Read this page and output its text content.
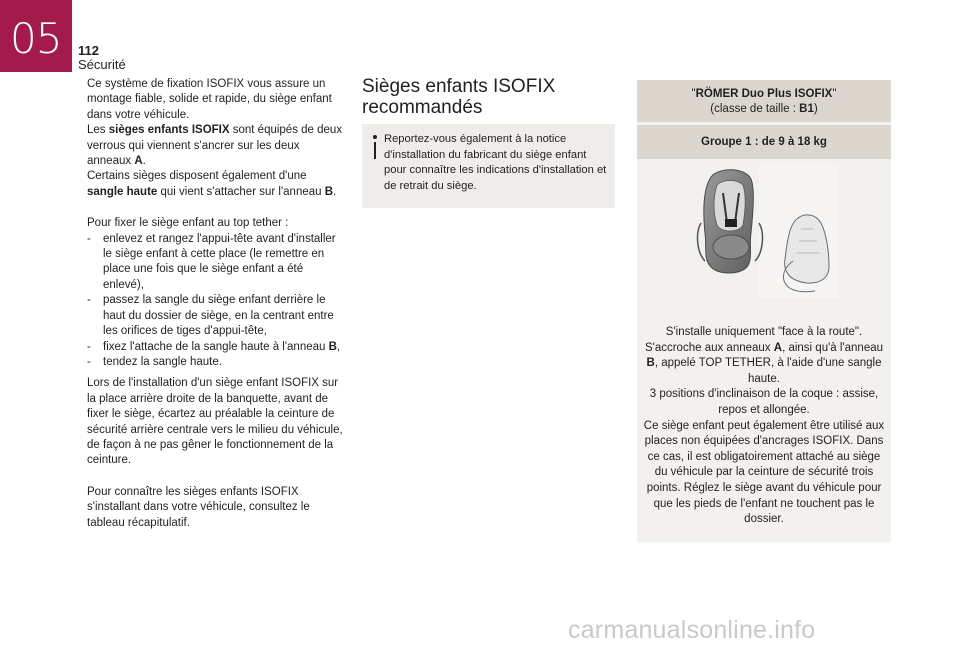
05 112
Sécurité

Ce système de fixation ISOFIX vous assure un montage fiable, solide et rapide, du siège enfant dans votre véhicule.
Les sièges enfants ISOFIX sont équipés de deux verrous qui viennent s'ancrer sur les deux anneaux A.
Certains sièges disposent également d'une sangle haute qui vient s'attacher sur l'anneau B.

Pour fixer le siège enfant au top tether :

- enlevez et rangez l'appui-tête avant d'installer le siège enfant à cette place (le remettre en place une fois que le siège enfant a été enlevé),
- passez la sangle du siège enfant derrière le haut du dossier de siège, en la centrant entre les orifices de tiges d'appui-tête,
- fixez l'attache de la sangle haute à l'anneau B,
- tendez la sangle haute.

Lors de l'installation d'un siège enfant ISOFIX sur la place arrière droite de la banquette, avant de fixer le siège, écartez au préalable la ceinture de sécurité arrière centrale vers le milieu du véhicule, de façon à ne pas gêner le fonctionnement de la ceinture.

Pour connaître les sièges enfants ISOFIX s'installant dans votre véhicule, consultez le tableau récapitulatif.

Sièges enfants ISOFIX recommandés
Reportez-vous également à la notice d'installation du fabricant du siège enfant pour connaître les indications d'installation et de retrait du siège.
"RÖMER Duo Plus ISOFIX"
(classe de taille : B1)
Groupe 1 : de 9 à 18 kg

S'installe uniquement "face à la route".

S'accroche aux anneaux A, ainsi qu'à l'anneau B, appelé TOP TETHER, à l'aide d'une sangle haute.

3 positions d'inclinaison de la coque : assise, repos et allongée.

Ce siège enfant peut également être utilisé aux places non équipées d'ancrages ISOFIX. Dans ce cas, il est obligatoirement attaché au siège du véhicule par la ceinture de sécurité trois points. Réglez le siège avant du véhicule pour que les pieds de l'enfant ne touchent pas le dossier.

carmanualsonline.info
